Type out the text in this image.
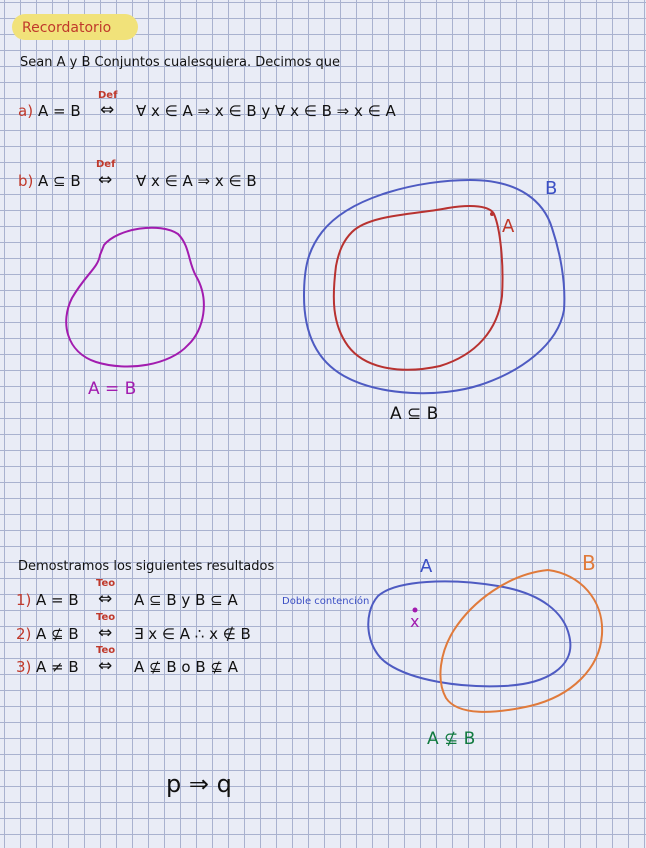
Recordatorio
Sean A y B Conjuntos cualesquiera. Decimos que
a) A = B
Def
⇔ ∀ x ∈ A ⇒ x ∈ B y ∀ x ∈ B ⇒ x ∈ A
b) A ⊆ B
Def
⇔ ∀ x ∈ A ⇒ x ∈ B
A = B
B
A
A ⊆ B
Demostramos los siguientes resultados
1) A = B
Teo
⇔ A ⊆ B y B ⊆ A	Doble contención
2) A ⊈ B
Teo
⇔ ∃ x ∈ A ∴ x ∉ B
3) A ≠ B
Teo
⇔ A ⊈ B o B ⊈ A
A	B
x
A ⊈ B
p ⇒ q
